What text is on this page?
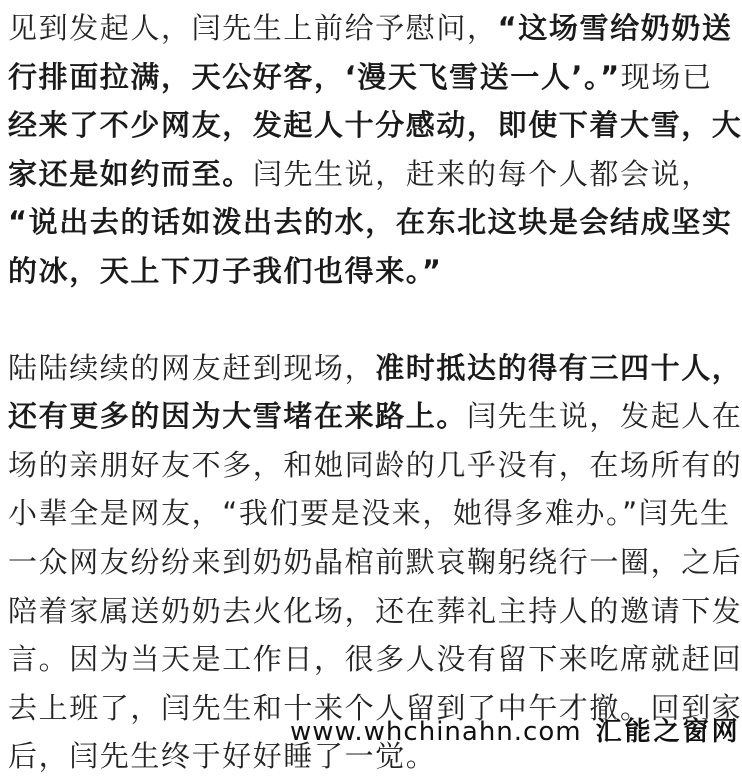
见到发起人，闫先生上前给予慰问，“这场雪给奶奶送
行排面拉满，天公好客，‘漫天飞雪送一人’。”现场已
经来了不少网友，发起人十分感动，即使下着大雪，大
家还是如约而至。闫先生说，赶来的每个人都会说，
“说出去的话如泼出去的水，在东北这块是会结成坚实
的冰，天上下刀子我们也得来。”
陆陆续续的网友赶到现场，准时抵达的得有三四十人，
还有更多的因为大雪堵在来路上。闫先生说，发起人在
场的亲朋好友不多，和她同龄的几乎没有，在场所有的
小辈全是网友，“我们要是没来，她得多难办。”闫先生
一众网友纷纷来到奶奶晶棺前默哀鞠躬绕行一圈，之后
陪着家属送奶奶去火化场，还在葬礼主持人的邀请下发
言。因为当天是工作日，很多人没有留下来吃席就赶回
去上班了，闫先生和十来个人留到了中午才撤。回到家
后，闫先生终于好好睡了一觉。
www.whchinahn.com 汇能之窗网
